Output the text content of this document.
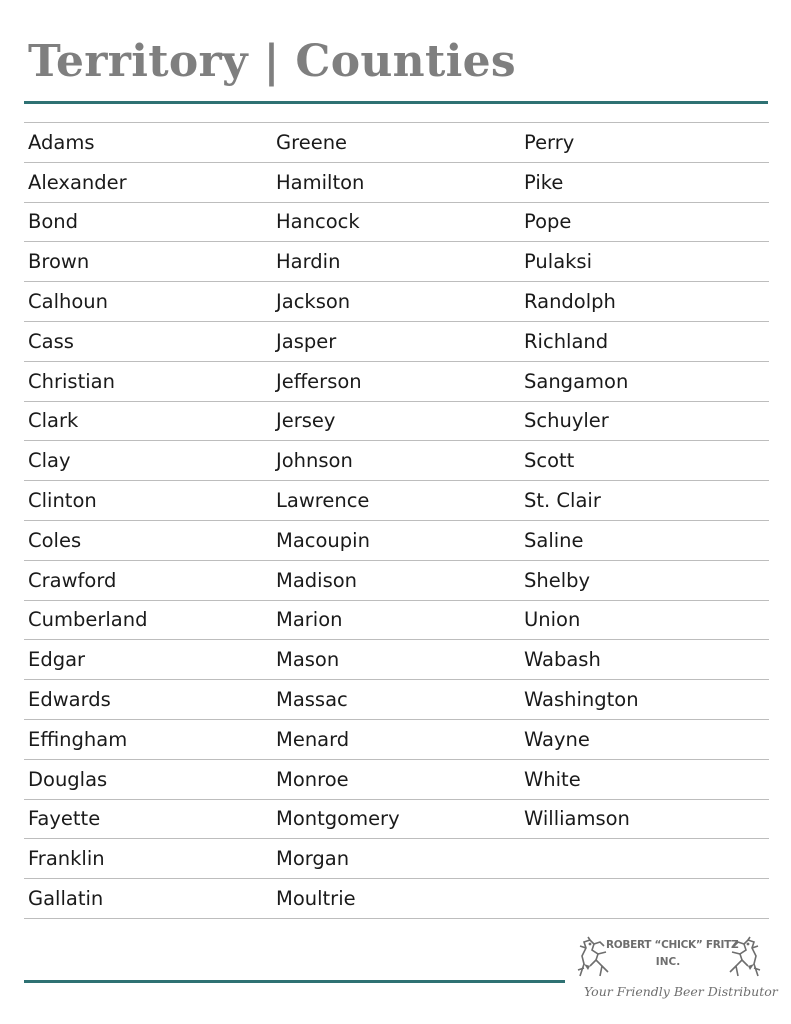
Territory | Counties
Adams	Greene	Perry
Alexander	Hamilton	Pike
Bond	Hancock	Pope
Brown	Hardin	Pulaksi
Calhoun	Jackson	Randolph
Cass	Jasper	Richland
Christian	Jefferson	Sangamon
Clark	Jersey	Schuyler
Clay	Johnson	Scott
Clinton	Lawrence	St. Clair
Coles	Macoupin	Saline
Crawford	Madison	Shelby
Cumberland	Marion	Union
Edgar	Mason	Wabash
Edwards	Massac	Washington
Effingham	Menard	Wayne
Douglas	Monroe	White
Fayette	Montgomery	Williamson
Franklin	Morgan	
Gallatin	Moultrie	
ROBERT “CHICK” FRITZ
INC.
Your Friendly Beer Distributor
